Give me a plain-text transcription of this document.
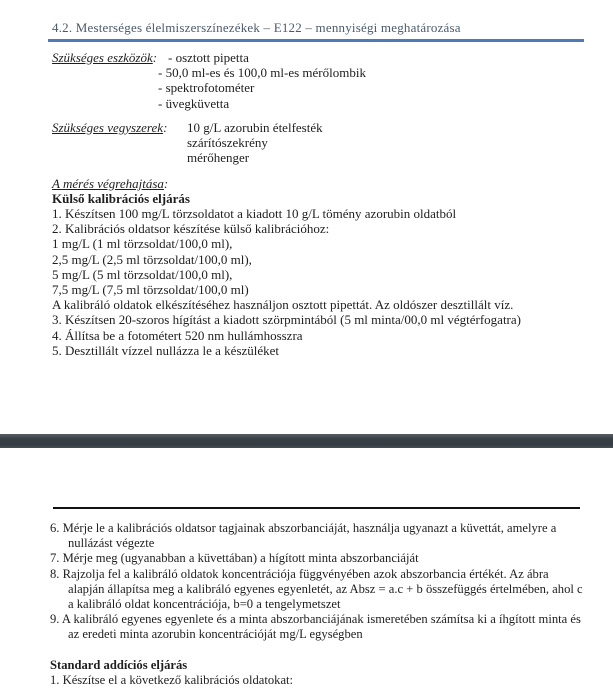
4.2. Mesterséges élelmiszerszínezékek – E122 – mennyiségi meghatározása
Szükséges eszközök: - osztott pipetta
- 50,0 ml-es és 100,0 ml-es mérőlombik
- spektrofotométer
- üvegküvetta
Szükséges vegyszerek:	10 g/L azorubin ételfesték
szárítószekrény
mérőhenger
A mérés végrehajtása:
Külső kalibrációs eljárás
1. Készítsen 100 mg/L törzsoldatot a kiadott 10 g/L tömény azorubin oldatból
2. Kalibrációs oldatsor készítése külső kalibrációhoz:
1 mg/L (1 ml törzsoldat/100,0 ml),
2,5 mg/L (2,5 ml törzsoldat/100,0 ml),
5 mg/L (5 ml törzsoldat/100,0 ml),
7,5 mg/L (7,5 ml törzsoldat/100,0 ml)
A kalibráló oldatok elkészítéséhez használjon osztott pipettát. Az oldószer desztillált víz.
3. Készítsen 20-szoros hígítást a kiadott szörpmintából (5 ml minta/00,0 ml végtérfogatra)
4. Állítsa be a fotométert 520 nm hullámhosszra
5. Desztillált vízzel nullázza le a készüléket
6. Mérje le a kalibrációs oldatsor tagjainak abszorbanciáját, használja ugyanazt a küvettát, amelyre a nullázást végezte
7. Mérje meg (ugyanabban a küvettában) a hígított minta abszorbanciáját
8. Rajzolja fel a kalibráló oldatok koncentrációja függvényében azok abszorbancia értékét. Az ábra alapján állapítsa meg a kalibráló egyenes egyenletét, az Absz = a.c + b összefüggés értelmében, ahol c a kalibráló oldat koncentrációja, b=0 a tengelymetszet
9. A kalibráló egyenes egyenlete és a minta abszorbanciájának ismeretében számítsa ki a íhgított minta és az eredeti minta azorubin koncentrációját mg/L egységben
Standard addíciós eljárás
1. Készítse el a következő kalibrációs oldatokat:
